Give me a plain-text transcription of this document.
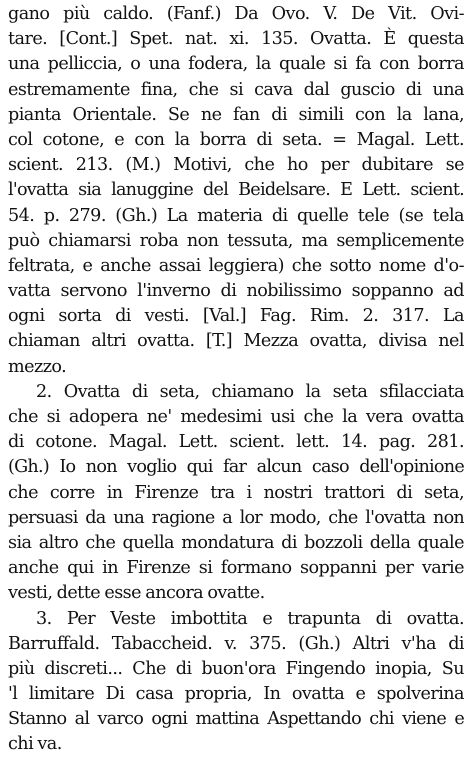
gano più caldo. (Fanf.) Da Ovo. V. De Vit. Ovi-
tare. [Cont.] Spet. nat. xi. 135. Ovatta. È questa
una pelliccia, o una fodera, la quale si fa con borra
estremamente fina, che si cava dal guscio di una
pianta Orientale. Se ne fan di simili con la lana,
col cotone, e con la borra di seta. = Magal. Lett.
scient. 213. (M.) Motivi, che ho per dubitare se
l'ovatta sia lanuggine del Beidelsare. E Lett. scient.
54. p. 279. (Gh.) La materia di quelle tele (se tela
può chiamarsi roba non tessuta, ma semplicemente
feltrata, e anche assai leggiera) che sotto nome d'o-
vatta servono l'inverno di nobilissimo soppanno ad
ogni sorta di vesti. [Val.] Fag. Rim. 2. 317. La
chiaman altri ovatta. [T.] Mezza ovatta, divisa nel
mezzo.
2. Ovatta di seta, chiamano la seta sfilacciata
che si adopera ne' medesimi usi che la vera ovatta
di cotone. Magal. Lett. scient. lett. 14. pag. 281.
(Gh.) Io non voglio qui far alcun caso dell'opinione
che corre in Firenze tra i nostri trattori di seta,
persuasi da una ragione a lor modo, che l'ovatta non
sia altro che quella mondatura di bozzoli della quale
anche qui in Firenze si formano soppanni per varie
vesti, dette esse ancora ovatte.
3. Per Veste imbottita e trapunta di ovatta.
Barruffald. Tabaccheid. v. 375. (Gh.) Altri v'ha di
più discreti... Che di buon'ora Fingendo inopia, Su
'l limitare Di casa propria, In ovatta e spolverina
Stanno al varco ogni mattina Aspettando chi viene e
chi va.
